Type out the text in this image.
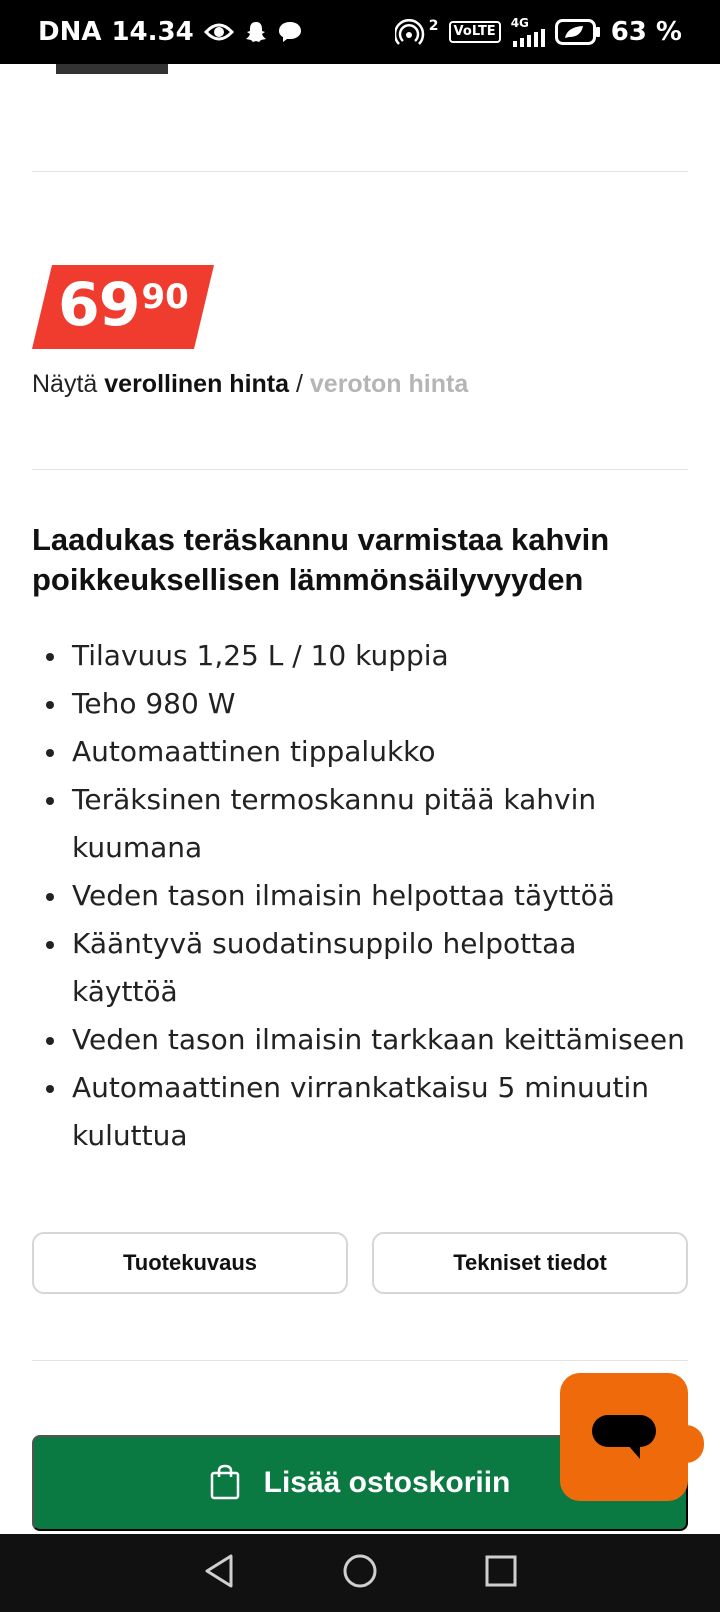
DNA 14.34	2	VoLTE
4G	63 %
69 90
Näytä verollinen hinta / veroton hinta
Laadukas teräskannu varmistaa kahvin poikkeuksellisen lämmönsäilyvyyden
Tilavuus 1,25 L / 10 kuppia
Teho 980 W
Automaattinen tippalukko
Teräksinen termoskannu pitää kahvin kuumana
Veden tason ilmaisin helpottaa täyttöä
Kääntyvä suodatinsuppilo helpottaa käyttöä
Veden tason ilmaisin tarkkaan keittämiseen
Automaattinen virrankatkaisu 5 minuutin kuluttua
Tuotekuvaus	Tekniset tiedot
Lisää ostoskoriin
